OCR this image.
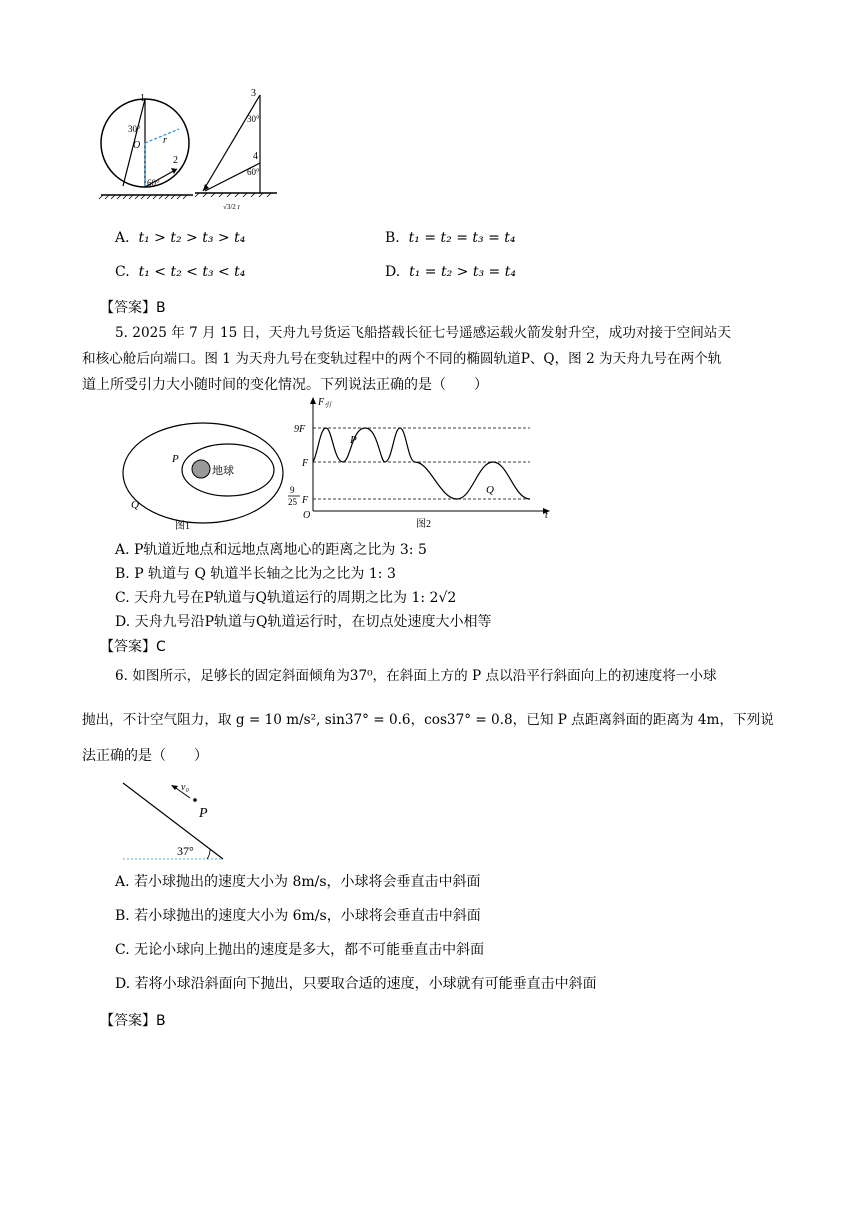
1
30°
O r
2
60°
3
30°
4
60°
√3/2 r
A. t₁ > t₂ > t₃ > t₄	B. t₁ = t₂ = t₃ = t₄
C. t₁ < t₂ < t₃ < t₄	D. t₁ = t₂ > t₃ = t₄
【答案】B
5. 2025 年 7 月 15 日，天舟九号货运飞船搭载长征七号遥感运载火箭发射升空，成功对接于空间站天
和核心舱后向端口。图 1 为天舟九号在变轨过程中的两个不同的椭圆轨道P、Q，图 2 为天舟九号在两个轨
道上所受引力大小随时间的变化情况。下列说法正确的是（　　）
地球
P
Q
图1
$F_引$
9F
F
9
25 F
O	t
P
Q
图2
A. P轨道近地点和远地点离地心的距离之比为 3: 5
B. P 轨道与 Q 轨道半长轴之比为之比为 1: 3
C. 天舟九号在P轨道与Q轨道运行的周期之比为 1: 2√2
D. 天舟九号沿P轨道与Q轨道运行时，在切点处速度大小相等
【答案】C
6. 如图所示，足够长的固定斜面倾角为37⁰，在斜面上方的 P 点以沿平行斜面向上的初速度将一小球
抛出，不计空气阻力，取 g = 10 m/s², sin37° = 0.6，cos37° = 0.8，已知 P 点距离斜面的距离为 4m，下列说
法正确的是（　　）
v₀
P
37°
A. 若小球抛出的速度大小为 8m/s，小球将会垂直击中斜面
B. 若小球抛出的速度大小为 6m/s，小球将会垂直击中斜面
C. 无论小球向上抛出的速度是多大，都不可能垂直击中斜面
D. 若将小球沿斜面向下抛出，只要取合适的速度，小球就有可能垂直击中斜面
【答案】B
